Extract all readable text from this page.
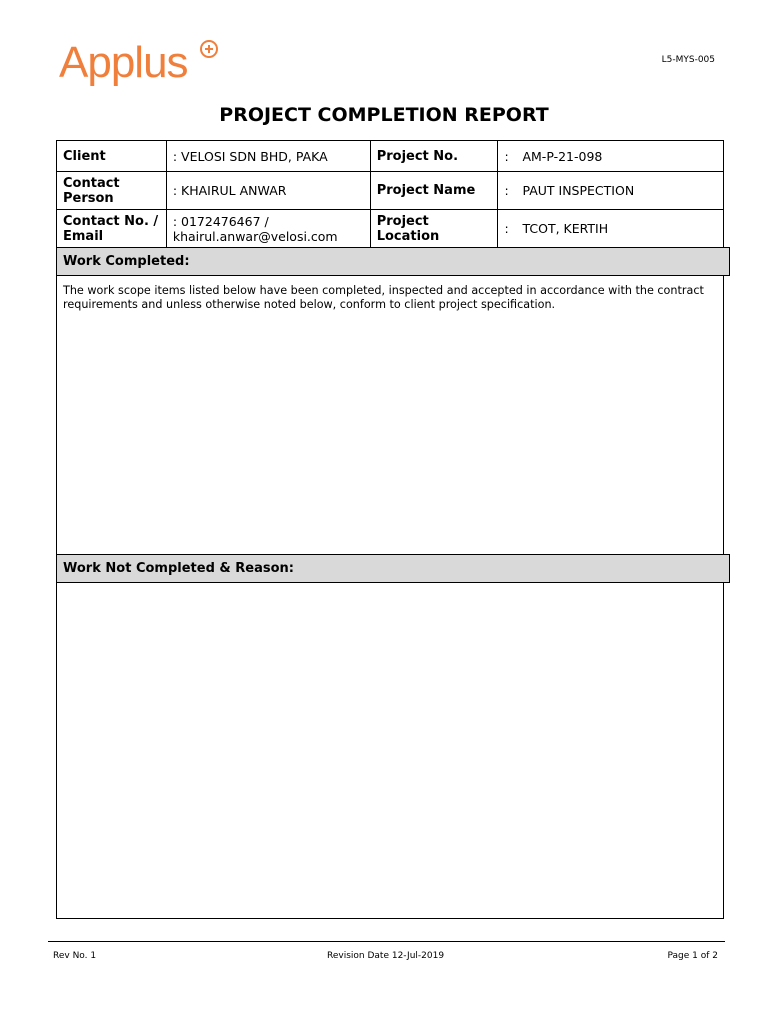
Applus	L5-MYS-005
PROJECT COMPLETION REPORT
Client	: VELOSI SDN BHD, PAKA	Project No.	: AM-P-21-098

Contact Person	: KHAIRUL ANWAR	Project Name	: PAUT INSPECTION

Contact No. / Email	: 0172476467 / khairul.anwar@velosi.com	Project Location	: TCOT, KERTIH
Work Completed:
The work scope items listed below have been completed, inspected and accepted in accordance with the contract requirements and unless otherwise noted below, conform to client project specification.
Work Not Completed & Reason:
Rev No. 1	Revision Date 12-Jul-2019	Page 1 of 2
